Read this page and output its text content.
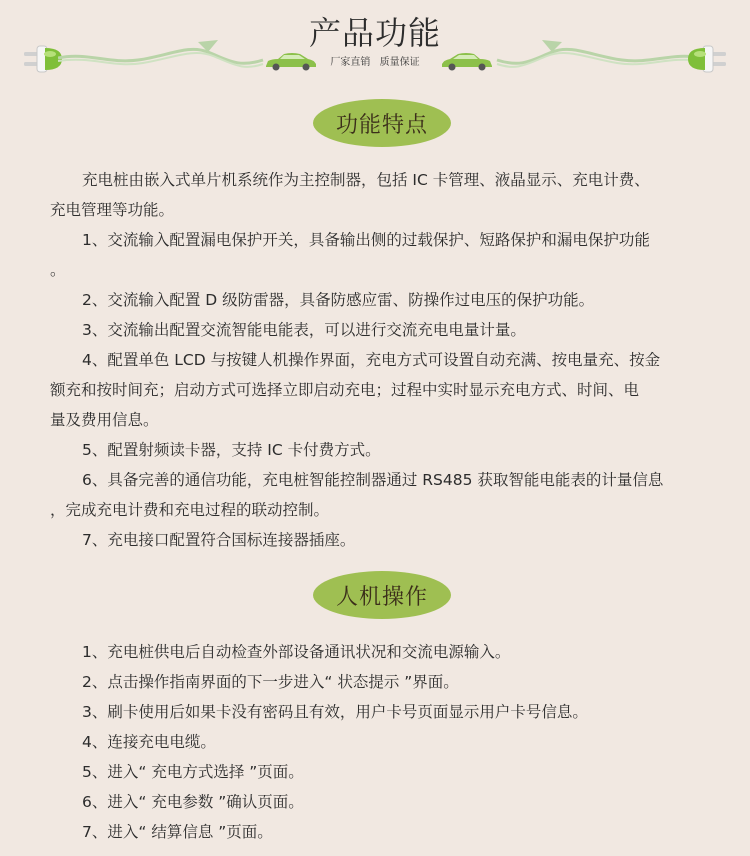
产品功能
厂家直销 质量保证
功能特点
充电桩由嵌入式单片机系统作为主控制器，包括 IC 卡管理、液晶显示、充电计费、
充电管理等功能。
1、交流输入配置漏电保护开关，具备输出侧的过载保护、短路保护和漏电保护功能
。
2、交流输入配置 D 级防雷器，具备防感应雷、防操作过电压的保护功能。
3、交流输出配置交流智能电能表，可以进行交流充电电量计量。
4、配置单色 LCD 与按键人机操作界面，充电方式可设置自动充满、按电量充、按金
额充和按时间充；启动方式可选择立即启动充电；过程中实时显示充电方式、时间、电
量及费用信息。
5、配置射频读卡器，支持 IC 卡付费方式。
6、具备完善的通信功能，充电桩智能控制器通过 RS485 获取智能电能表的计量信息
，完成充电计费和充电过程的联动控制。
7、充电接口配置符合国标连接器插座。
人机操作
1、充电桩供电后自动检查外部设备通讯状况和交流电源输入。
2、点击操作指南界面的下一步进入“ 状态提示 ”界面。
3、刷卡使用后如果卡没有密码且有效，用户卡号页面显示用户卡号信息。
4、连接充电电缆。
5、进入“ 充电方式选择 ”页面。
6、进入“ 充电参数 ”确认页面。
7、进入“ 结算信息 ”页面。
